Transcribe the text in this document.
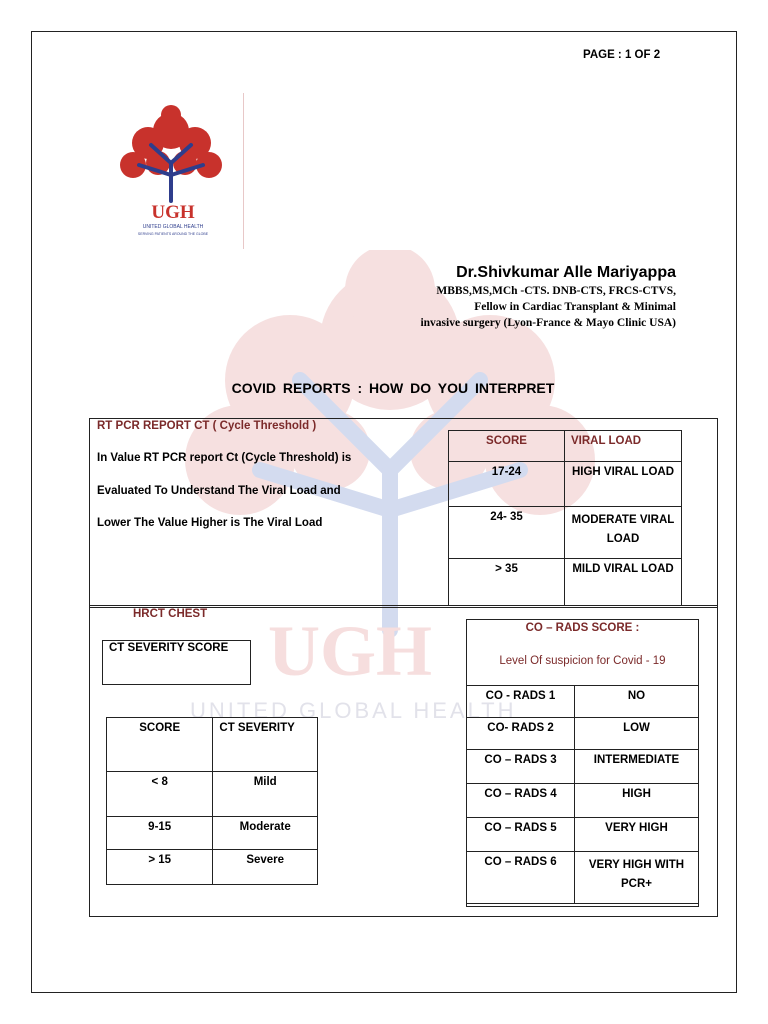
UGH
UNITED GLOBAL HEALTH
PAGE : 1 OF 2
UGH
UNITED GLOBAL HEALTH
SERVING PATIENTS AROUND THE GLOBE
Dr.Shivkumar Alle Mariyappa
MBBS,MS,MCh -CTS. DNB-CTS, FRCS-CTVS,
Fellow in Cardiac Transplant & Minimal
invasive surgery (Lyon-France & Mayo Clinic USA)
COVID REPORTS : HOW DO YOU INTERPRET
RT PCR REPORT CT ( Cycle Threshold )
In Value RT PCR report Ct (Cycle Threshold) is
Evaluated To Understand The Viral Load and
Lower The Value Higher is The Viral Load
SCORE	VIRAL LOAD
17-24	HIGH VIRAL LOAD
24- 35	MODERATE VIRAL LOAD
> 35	MILD VIRAL LOAD
HRCT CHEST
CT SEVERITY SCORE
SCORE	CT SEVERITY
< 8	Mild
9-15	Moderate
> 15	Severe
CO – RADS SCORE :
Level Of suspicion for Covid - 19
CO - RADS 1	NO
CO- RADS 2	LOW
CO – RADS 3	INTERMEDIATE
CO – RADS 4	HIGH
CO – RADS 5	VERY HIGH
CO – RADS 6	VERY HIGH WITH PCR+
